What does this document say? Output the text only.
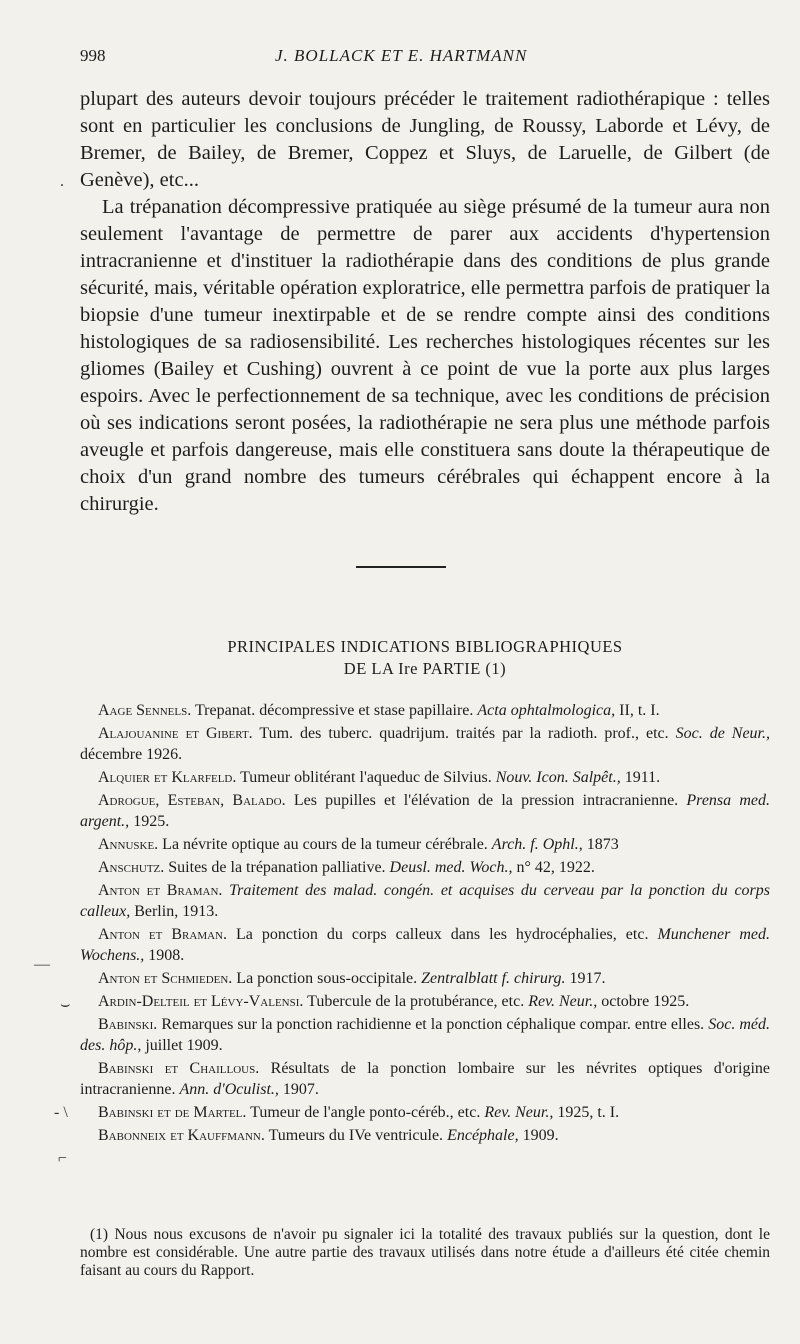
998	J. BOLLACK ET E. HARTMANN

plupart des auteurs devoir toujours précéder le traitement radiothérapique : telles sont en particulier les conclusions de Jungling, de Roussy, Laborde et Lévy, de Bremer, de Bailey, de Bremer, Coppez et Sluys, de Laruelle, de Gilbert (de Genève), etc...

La trépanation décompressive pratiquée au siège présumé de la tumeur aura non seulement l'avantage de permettre de parer aux accidents d'hypertension intracranienne et d'instituer la radiothérapie dans des conditions de plus grande sécurité, mais, véritable opération exploratrice, elle permettra parfois de pratiquer la biopsie d'une tumeur inextirpable et de se rendre compte ainsi des conditions histologiques de sa radiosensibilité. Les recherches histologiques récentes sur les gliomes (Bailey et Cushing) ouvrent à ce point de vue la porte aux plus larges espoirs. Avec le perfectionnement de sa technique, avec les conditions de précision où ses indications seront posées, la radiothérapie ne sera plus une méthode parfois aveugle et parfois dangereuse, mais elle constituera sans doute la thérapeutique de choix d'un grand nombre des tumeurs cérébrales qui échappent encore à la chirurgie.

.
PRINCIPALES INDICATIONS BIBLIOGRAPHIQUES
DE LA Ire PARTIE (1)
Aage Sennels. Trepanat. décompressive et stase papillaire. Acta ophtalmologica, II, t. I.
Alajouanine et Gibert. Tum. des tuberc. quadrijum. traités par la radioth. prof., etc. Soc. de Neur., décembre 1926.
Alquier et Klarfeld. Tumeur oblitérant l'aqueduc de Silvius. Nouv. Icon. Salpêt., 1911.
Adrogue, Esteban, Balado. Les pupilles et l'élévation de la pression intracranienne. Prensa med. argent., 1925.
Annuske. La névrite optique au cours de la tumeur cérébrale. Arch. f. Ophl., 1873
Anschutz. Suites de la trépanation palliative. Deusl. med. Woch., n° 42, 1922.
Anton et Braman. Traitement des malad. congén. et acquises du cerveau par la ponction du corps calleux, Berlin, 1913.
Anton et Braman. La ponction du corps calleux dans les hydrocéphalies, etc. Munchener med. Wochens., 1908.
Anton et Schmieden. La ponction sous-occipitale. Zentralblatt f. chirurg. 1917.
Ardin-Delteil et Lévy-Valensi. Tubercule de la protubérance, etc. Rev. Neur., octobre 1925.
Babinski. Remarques sur la ponction rachidienne et la ponction céphalique compar. entre elles. Soc. méd. des. hôp., juillet 1909.
Babinski et Chaillous. Résultats de la ponction lombaire sur les névrites optiques d'origine intracranienne. Ann. d'Oculist., 1907.
Babinski et de Martel. Tumeur de l'angle ponto-céréb., etc. Rev. Neur., 1925, t. I.
Babonneix et Kauffmann. Tumeurs du IVe ventricule. Encéphale, 1909.
—
⌣
- \
⌐

(1) Nous nous excusons de n'avoir pu signaler ici la totalité des travaux publiés sur la question, dont le nombre est considérable. Une autre partie des travaux utilisés dans notre étude a d'ailleurs été citée chemin faisant au cours du Rapport.
